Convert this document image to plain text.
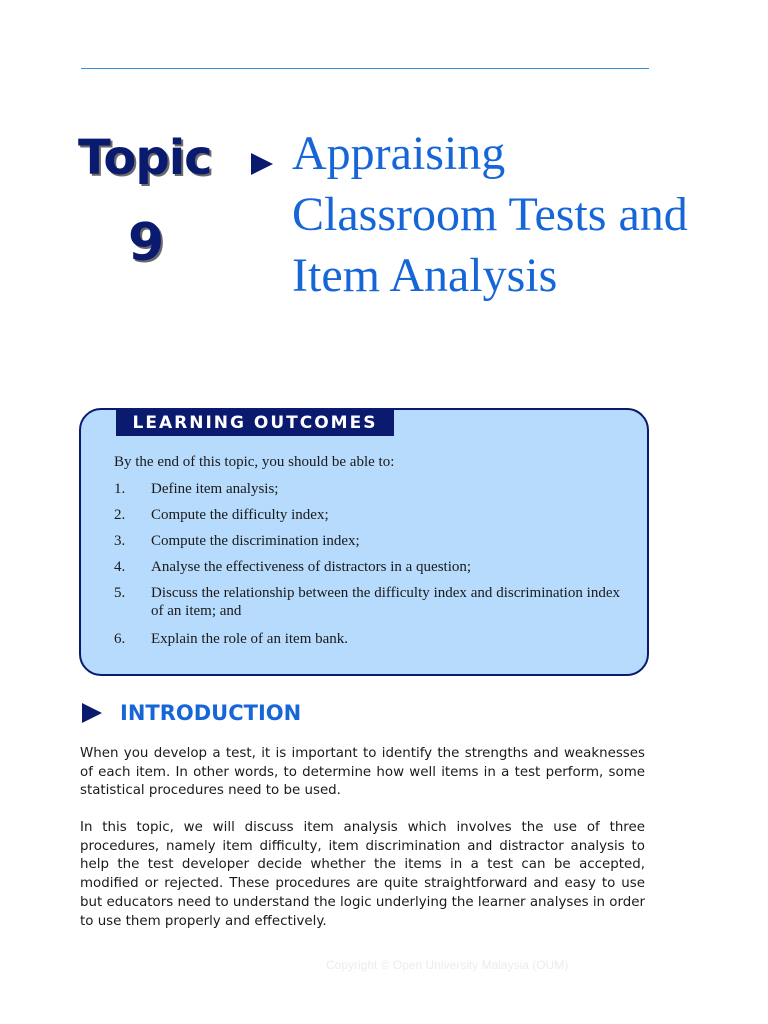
Topic
9
Appraising Classroom Tests and Item Analysis
LEARNING OUTCOMES
By the end of this topic, you should be able to:
1. Define item analysis;
2. Compute the difficulty index;
3. Compute the discrimination index;
4. Analyse the effectiveness of distractors in a question;
5. Discuss the relationship between the difficulty index and discrimination index of an item; and
6. Explain the role of an item bank.
INTRODUCTION

When you develop a test, it is important to identify the strengths and weaknesses of each item. In other words, to determine how well items in a test perform, some statistical procedures need to be used.

In this topic, we will discuss item analysis which involves the use of three procedures, namely item difficulty, item discrimination and distractor analysis to help the test developer decide whether the items in a test can be accepted, modified or rejected. These procedures are quite straightforward and easy to use but educators need to understand the logic underlying the learner analyses in order to use them properly and effectively.

Copyright © Open University Malaysia (OUM)
